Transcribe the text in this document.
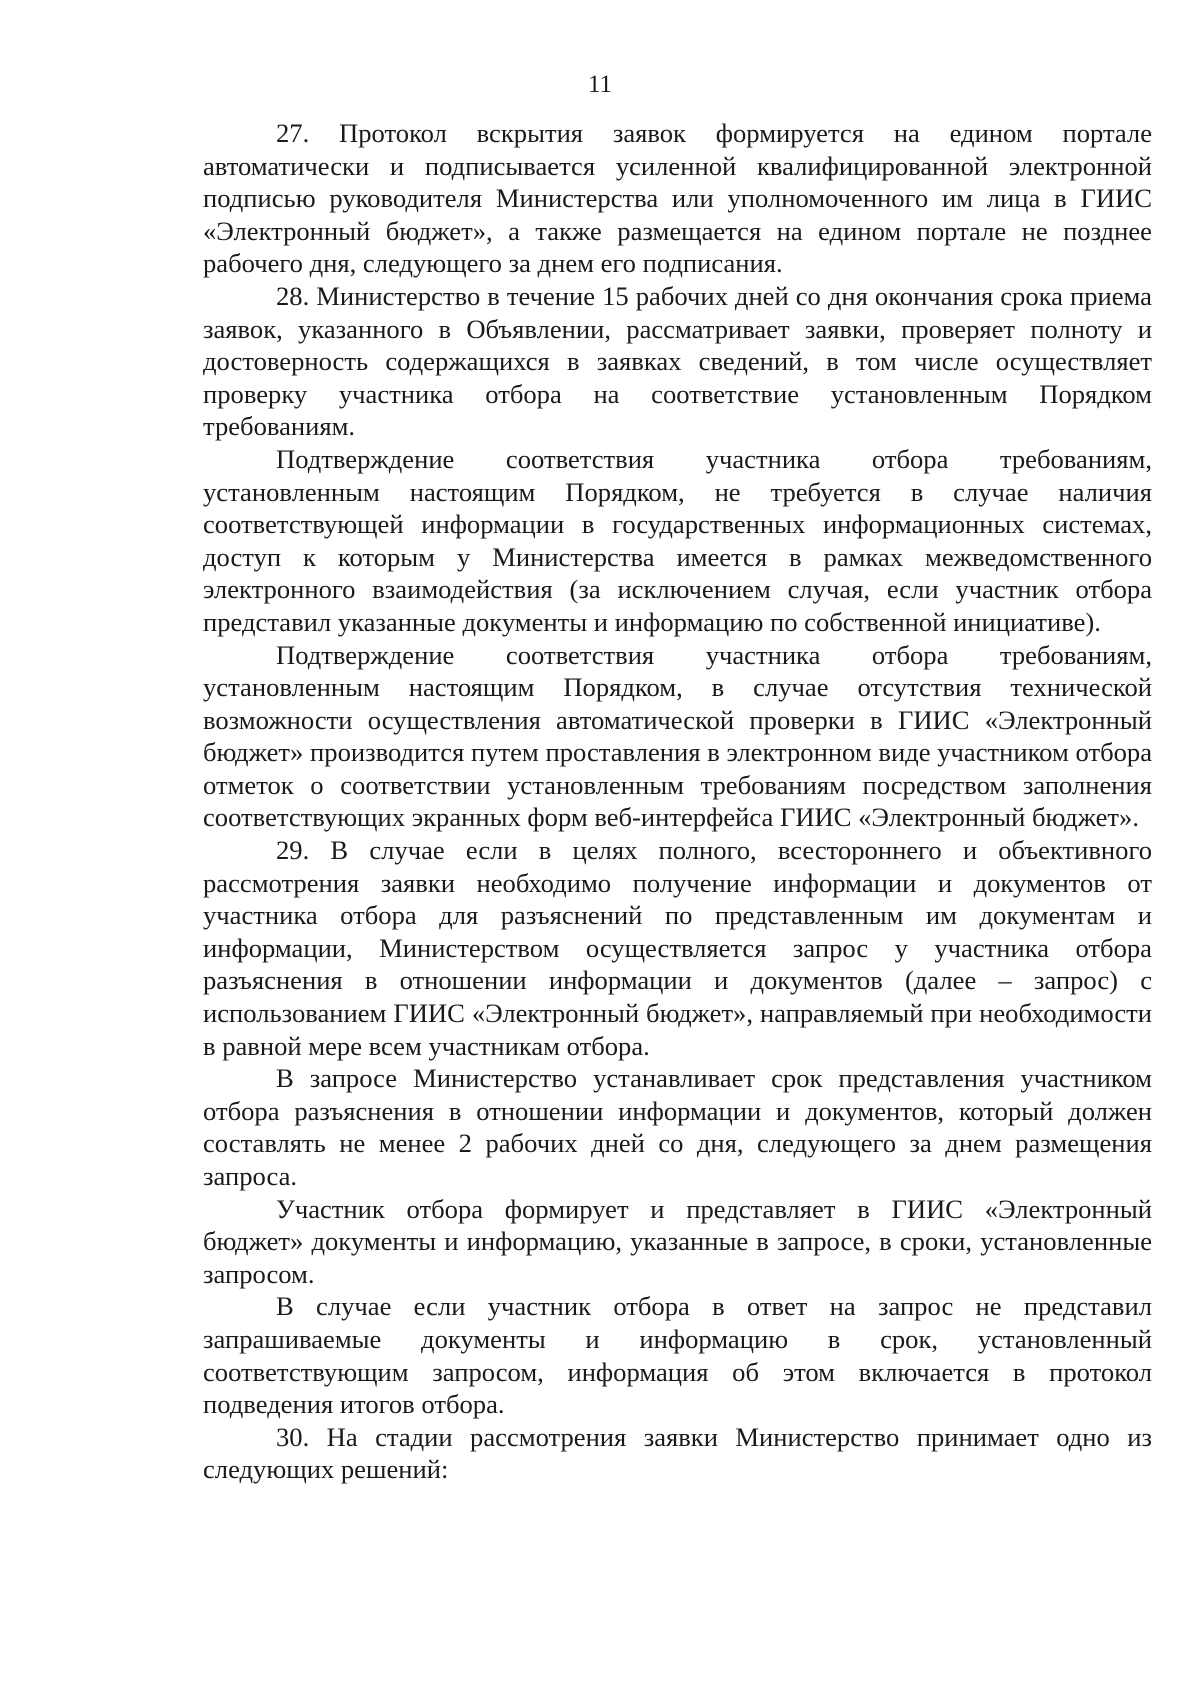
11

27. Протокол вскрытия заявок формируется на едином портале автоматически и подписывается усиленной квалифицированной электронной подписью руководителя Министерства или уполномоченного им лица в ГИИС «Электронный бюджет», а также размещается на едином портале не позднее рабочего дня, следующего за днем его подписания.

28. Министерство в течение 15 рабочих дней со дня окончания срока приема заявок, указанного в Объявлении, рассматривает заявки, проверяет полноту и достоверность содержащихся в заявках сведений, в том числе осуществляет проверку участника отбора на соответствие установленным Порядком требованиям.

Подтверждение соответствия участника отбора требованиям, установленным настоящим Порядком, не требуется в случае наличия соответствующей информации в государственных информационных системах, доступ к которым у Министерства имеется в рамках межведомственного электронного взаимодействия (за исключением случая, если участник отбора представил указанные документы и информацию по собственной инициативе).

Подтверждение соответствия участника отбора требованиям, установленным настоящим Порядком, в случае отсутствия технической возможности осуществления автоматической проверки в ГИИС «Электронный бюджет» производится путем проставления в электронном виде участником отбора отметок о соответствии установленным требованиям посредством заполнения соответствующих экранных форм веб-интерфейса ГИИС «Электронный бюджет».

29. В случае если в целях полного, всестороннего и объективного рассмотрения заявки необходимо получение информации и документов от участника отбора для разъяснений по представленным им документам и информации, Министерством осуществляется запрос у участника отбора разъяснения в отношении информации и документов (далее – запрос) с использованием ГИИС «Электронный бюджет», направляемый при необходимости в равной мере всем участникам отбора.

В запросе Министерство устанавливает срок представления участником отбора разъяснения в отношении информации и документов, который должен составлять не менее 2 рабочих дней со дня, следующего за днем размещения запроса.

Участник отбора формирует и представляет в ГИИС «Электронный бюджет» документы и информацию, указанные в запросе, в сроки, установленные запросом.

В случае если участник отбора в ответ на запрос не представил запрашиваемые документы и информацию в срок, установленный соответствующим запросом, информация об этом включается в протокол подведения итогов отбора.

30. На стадии рассмотрения заявки Министерство принимает одно из следующих решений:
